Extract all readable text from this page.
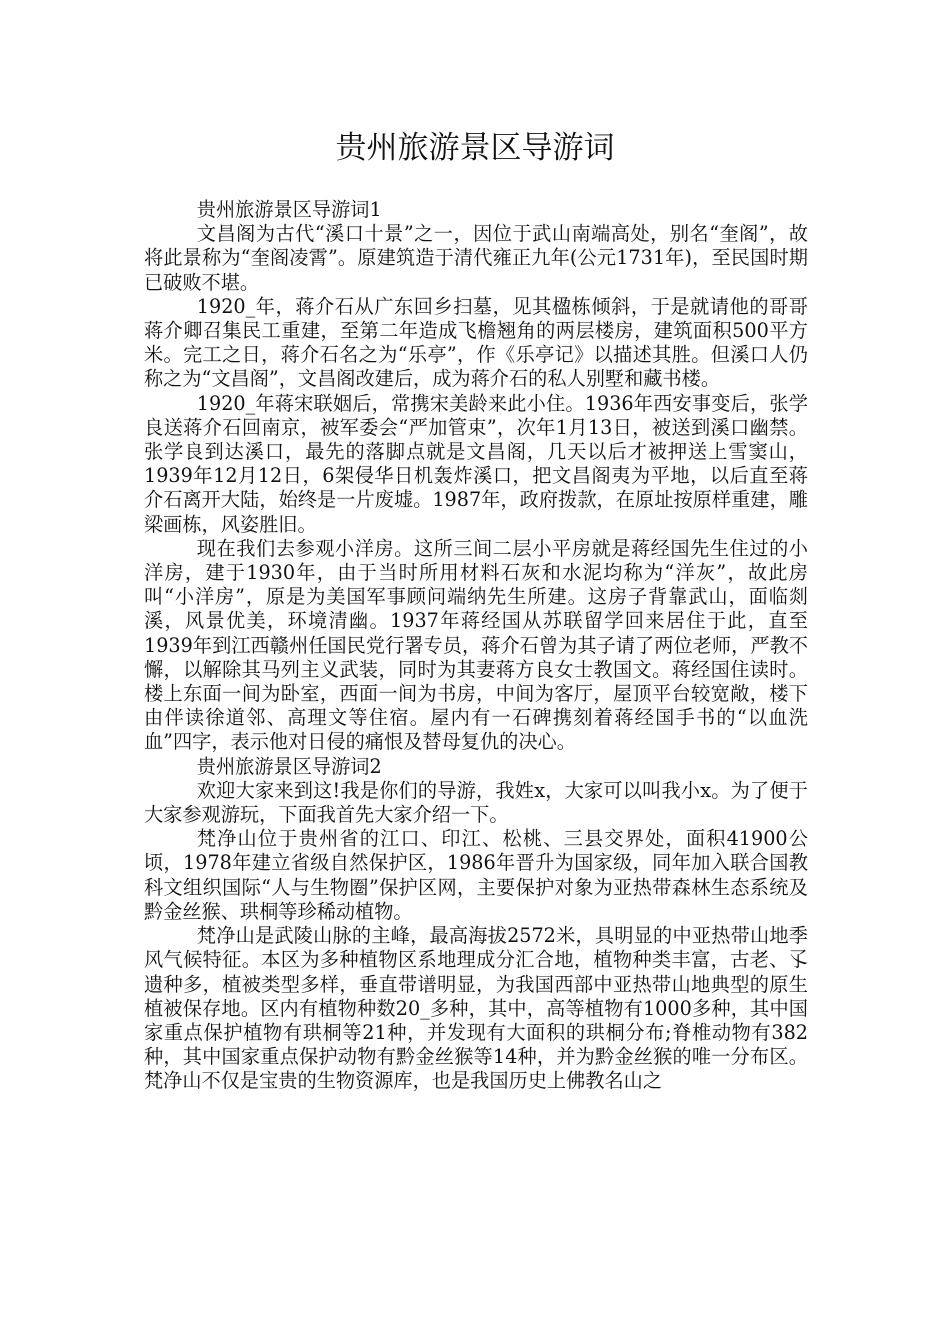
贵州旅游景区导游词

贵州旅游景区导游词1

文昌阁为古代“溪口十景”之一，因位于武山南端高处，别名“奎阁”，故将此景称为“奎阁凌霄”。原建筑造于清代雍正九年(公元1731年)，至民国时期已破败不堪。

1920_年，蒋介石从广东回乡扫墓，见其楹栋倾斜，于是就请他的哥哥蒋介卿召集民工重建，至第二年造成飞檐翘角的两层楼房，建筑面积500平方米。完工之日，蒋介石名之为“乐亭”，作《乐亭记》以描述其胜。但溪口人仍称之为“文昌阁”，文昌阁改建后，成为蒋介石的私人别墅和藏书楼。

1920_年蒋宋联姻后，常携宋美龄来此小住。1936年西安事变后，张学良送蒋介石回南京，被军委会“严加管束”，次年1月13日，被送到溪口幽禁。张学良到达溪口，最先的落脚点就是文昌阁，几天以后才被押送上雪窦山，1939年12月12日，6架侵华日机轰炸溪口，把文昌阁夷为平地，以后直至蒋介石离开大陆，始终是一片废墟。1987年，政府拨款，在原址按原样重建，雕梁画栋，风姿胜旧。

现在我们去参观小洋房。这所三间二层小平房就是蒋经国先生住过的小洋房，建于1930年，由于当时所用材料石灰和水泥均称为“洋灰”，故此房叫“小洋房”，原是为美国军事顾问端纳先生所建。这房子背靠武山，面临剡溪，风景优美，环境清幽。1937年蒋经国从苏联留学回来居住于此，直至1939年到江西赣州任国民党行署专员，蒋介石曾为其子请了两位老师，严教不懈，以解除其马列主义武装，同时为其妻蒋方良女士教国文。蒋经国住读时。楼上东面一间为卧室，西面一间为书房，中间为客厅，屋顶平台较宽敞，楼下由伴读徐道邻、高理文等住宿。屋内有一石碑携刻着蒋经国手书的“以血洗血”四字，表示他对日侵的痛恨及替母复仇的决心。

贵州旅游景区导游词2

欢迎大家来到这!我是你们的导游，我姓x，大家可以叫我小x。为了便于大家参观游玩，下面我首先大家介绍一下。

梵净山位于贵州省的江口、印江、松桃、三县交界处，面积41900公顷，1978年建立省级自然保护区，1986年晋升为国家级，同年加入联合国教科文组织国际“人与生物圈”保护区网，主要保护对象为亚热带森林生态系统及黔金丝猴、珙桐等珍稀动植物。

梵净山是武陵山脉的主峰，最高海拔2572米，具明显的中亚热带山地季风气候特征。本区为多种植物区系地理成分汇合地，植物种类丰富，古老、孓遗种多，植被类型多样，垂直带谱明显，为我国西部中亚热带山地典型的原生植被保存地。区内有植物种数20_多种，其中，高等植物有1000多种，其中国家重点保护植物有珙桐等21种，并发现有大面积的珙桐分布;脊椎动物有382种，其中国家重点保护动物有黔金丝猴等14种，并为黔金丝猴的唯一分布区。梵净山不仅是宝贵的生物资源库，也是我国历史上佛教名山之
